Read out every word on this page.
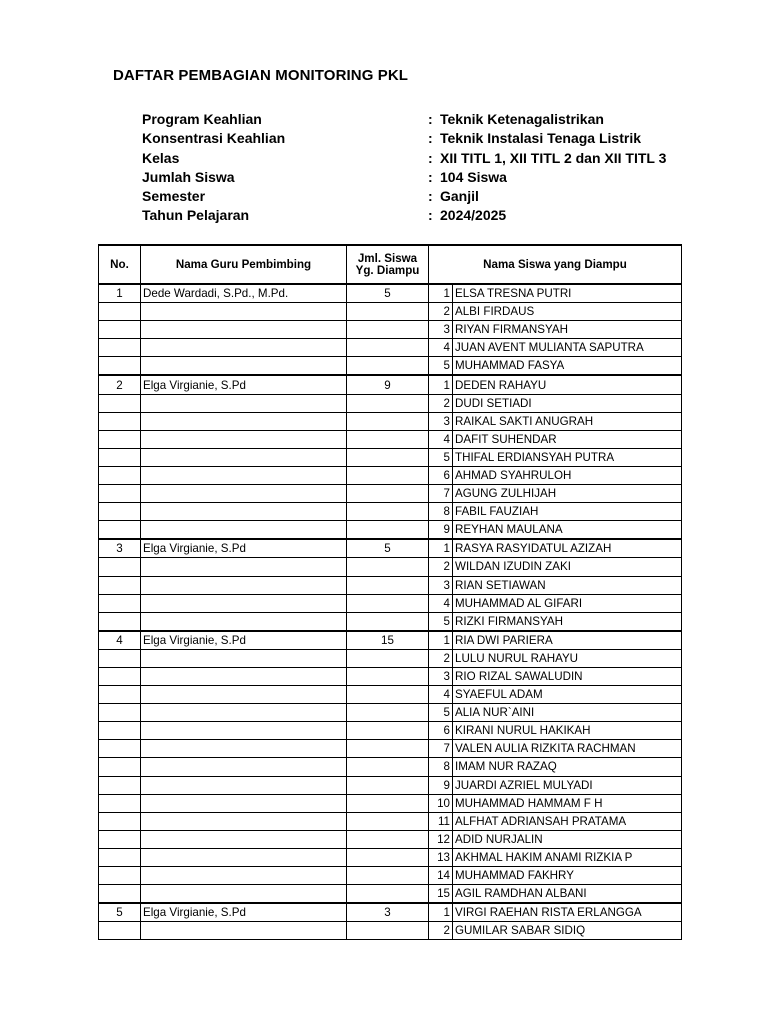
DAFTAR PEMBAGIAN MONITORING PKL
Program Keahlian	: Teknik Ketenagalistrikan
Konsentrasi Keahlian	: Teknik Instalasi Tenaga Listrik
Kelas	: XII TITL 1, XII TITL 2 dan XII TITL 3
Jumlah Siswa	: 104 Siswa
Semester	: Ganjil
Tahun Pelajaran	: 2024/2025
No.	Nama Guru Pembimbing	Jml. Siswa
Yg. Diampu	Nama Siswa yang Diampu	
1	Dede Wardadi, S.Pd., M.Pd.	5	1	ELSA TRESNA PUTRI
			2	ALBI FIRDAUS
			3	RIYAN FIRMANSYAH
			4	JUAN AVENT MULIANTA SAPUTRA
			5	MUHAMMAD FASYA
2	Elga Virgianie, S.Pd	9	1	DEDEN RAHAYU
			2	DUDI SETIADI
			3	RAIKAL SAKTI ANUGRAH
			4	DAFIT SUHENDAR
			5	THIFAL ERDIANSYAH PUTRA
			6	AHMAD SYAHRULOH
			7	AGUNG ZULHIJAH
			8	FABIL FAUZIAH
			9	REYHAN MAULANA
3	Elga Virgianie, S.Pd	5	1	RASYA RASYIDATUL AZIZAH
			2	WILDAN IZUDIN ZAKI
			3	RIAN SETIAWAN
			4	MUHAMMAD AL GIFARI
			5	RIZKI FIRMANSYAH
4	Elga Virgianie, S.Pd	15	1	RIA DWI PARIERA
			2	LULU NURUL RAHAYU
			3	RIO RIZAL SAWALUDIN
			4	SYAEFUL ADAM
			5	ALIA NUR`AINI
			6	KIRANI NURUL HAKIKAH
			7	VALEN AULIA RIZKITA RACHMAN
			8	IMAM NUR RAZAQ
			9	JUARDI AZRIEL MULYADI
			10	MUHAMMAD HAMMAM F H
			11	ALFHAT ADRIANSAH PRATAMA
			12	ADID NURJALIN
			13	AKHMAL HAKIM ANAMI RIZKIA P
			14	MUHAMMAD FAKHRY
			15	AGIL RAMDHAN ALBANI
5	Elga Virgianie, S.Pd	3	1	VIRGI RAEHAN RISTA ERLANGGA
			2	GUMILAR SABAR SIDIQ
